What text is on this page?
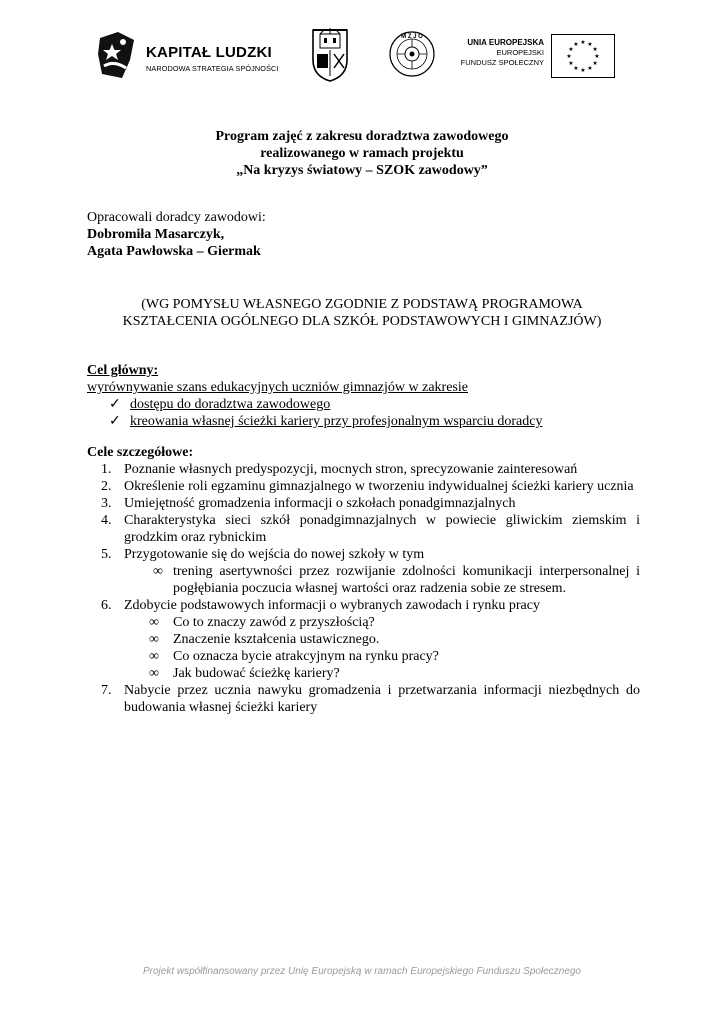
KAPITAŁ LUDZKI
NARODOWA STRATEGIA SPÓJNOŚCI
M Z J O
UNIA EUROPEJSKA
EUROPEJSKI
FUNDUSZ SPOŁECZNY
★ ★
★
★
★
★
★
★
★
★
★
★
Program zajęć z zakresu doradztwa zawodowego
realizowanego w ramach projektu
„Na kryzys światowy – SZOK zawodowy”
Opracowali doradcy zawodowi:
Dobromiła Masarczyk,
Agata Pawłowska – Giermak
(WG POMYSŁU WŁASNEGO ZGODNIE Z PODSTAWĄ PROGRAMOWA
KSZTAŁCENIA OGÓLNEGO DLA SZKÓŁ PODSTAWOWYCH I GIMNAZJÓW)
Cel główny:
wyrównywanie szans edukacyjnych uczniów gimnazjów w zakresie
✓ dostępu do doradztwa zawodowego
✓ kreowania własnej ścieżki kariery przy profesjonalnym wsparciu doradcy
Cele szczegółowe:
1. Poznanie własnych predyspozycji, mocnych stron, sprecyzowanie zainteresowań
2. Określenie roli egzaminu gimnazjalnego w tworzeniu indywidualnej ścieżki kariery ucznia
3. Umiejętność gromadzenia informacji o szkołach ponadgimnazjalnych
4. Charakterystyka sieci szkół ponadgimnazjalnych w powiecie gliwickim ziemskim i grodzkim oraz rybnickim
5. Przygotowanie się do wejścia do nowej szkoły w tym
∞ trening asertywności przez rozwijanie zdolności komunikacji interpersonalnej i pogłębiania poczucia własnej wartości oraz radzenia sobie ze stresem.
6. Zdobycie podstawowych informacji o wybranych zawodach i rynku pracy
∞ Co to znaczy zawód z przyszłością?
∞ Znaczenie kształcenia ustawicznego.
∞ Co oznacza bycie atrakcyjnym na rynku pracy?
∞ Jak budować ścieżkę kariery?
7. Nabycie przez ucznia nawyku gromadzenia i przetwarzania informacji niezbędnych do budowania własnej ścieżki kariery
Projekt współfinansowany przez Unię Europejską w ramach Europejskiego Funduszu Społecznego
